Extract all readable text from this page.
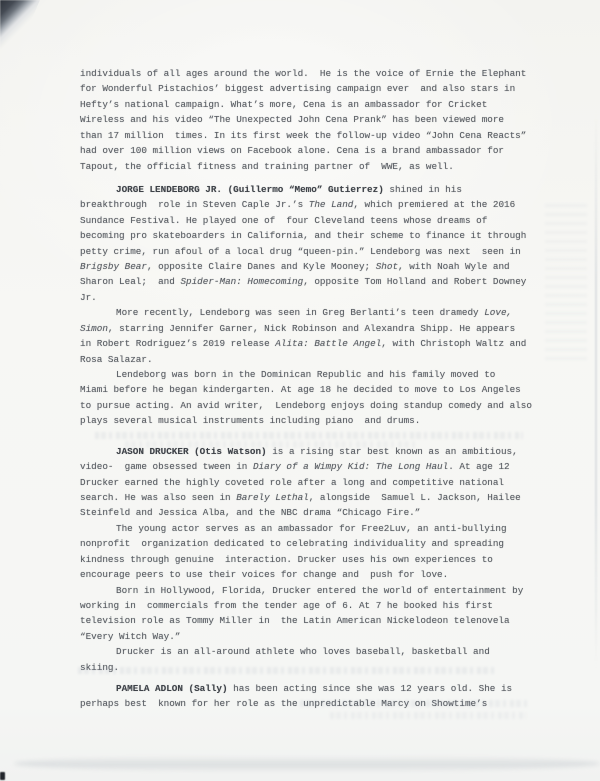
individuals of all ages around the world.  He is the voice of Ernie the Elephant
for Wonderful Pistachios’ biggest advertising campaign ever  and also stars in
Hefty’s national campaign. What’s more, Cena is an ambassador for Cricket
Wireless and his video “The Unexpected John Cena Prank” has been viewed more
than 17 million  times. In its first week the follow-up video “John Cena Reacts”
had over 100 million views on Facebook alone. Cena is a brand ambassador for
Tapout, the official fitness and training partner of  WWE, as well.
JORGE LENDEBORG JR. (Guillermo “Memo” Gutierrez) shined in his
breakthrough  role in Steven Caple Jr.’s The Land, which premiered at the 2016
Sundance Festival. He played one of  four Cleveland teens whose dreams of
becoming pro skateboarders in California, and their scheme to finance it through
petty crime, run afoul of a local drug “queen-pin.” Lendeborg was next  seen in
Brigsby Bear, opposite Claire Danes and Kyle Mooney; Shot, with Noah Wyle and
Sharon Leal;  and Spider-Man: Homecoming, opposite Tom Holland and Robert Downey
Jr.
More recently, Lendeborg was seen in Greg Berlanti’s teen dramedy Love,
Simon, starring Jennifer Garner, Nick Robinson and Alexandra Shipp. He appears
in Robert Rodriguez’s 2019 release Alita: Battle Angel, with Christoph Waltz and
Rosa Salazar.
Lendeborg was born in the Dominican Republic and his family moved to
Miami before he began kindergarten. At age 18 he decided to move to Los Angeles
to pursue acting. An avid writer,  Lendeborg enjoys doing standup comedy and also
plays several musical instruments including piano  and drums.
JASON DRUCKER (Otis Watson) is a rising star best known as an ambitious,
video-  game obsessed tween in Diary of a Wimpy Kid: The Long Haul. At age 12
Drucker earned the highly coveted role after a long and competitive national
search. He was also seen in Barely Lethal, alongside  Samuel L. Jackson, Hailee
Steinfeld and Jessica Alba, and the NBC drama “Chicago Fire.”
The young actor serves as an ambassador for Free2Luv, an anti-bullying
nonprofit  organization dedicated to celebrating individuality and spreading
kindness through genuine  interaction. Drucker uses his own experiences to
encourage peers to use their voices for change and  push for love.
Born in Hollywood, Florida, Drucker entered the world of entertainment by
working in  commercials from the tender age of 6. At 7 he booked his first
television role as Tommy Miller in  the Latin American Nickelodeon telenovela
“Every Witch Way.”
Drucker is an all-around athlete who loves baseball, basketball and
skiing.
PAMELA ADLON (Sally) has been acting since she was 12 years old. She is
perhaps best  known for her role as the unpredictable Marcy on Showtime’s
